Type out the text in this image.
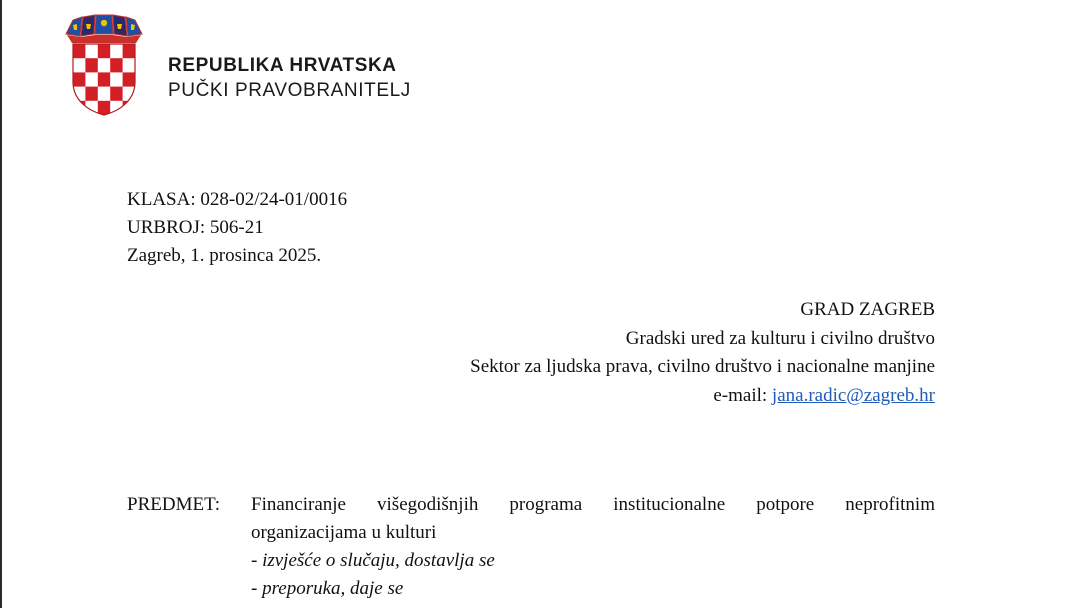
REPUBLIKA HRVATSKA
PUČKI PRAVOBRANITELJ
KLASA: 028-02/24-01/0016
URBROJ: 506-21
Zagreb, 1. prosinca 2025.
GRAD ZAGREB
Gradski ured za kulturu i civilno društvo
Sektor za ljudska prava, civilno društvo i nacionalne manjine
e-mail: jana.radic@zagreb.hr
PREDMET: Financiranje višegodišnjih programa institucionalne potpore neprofitnim
organizacijama u kulturi
- izvješće o slučaju, dostavlja se
- preporuka, daje se
